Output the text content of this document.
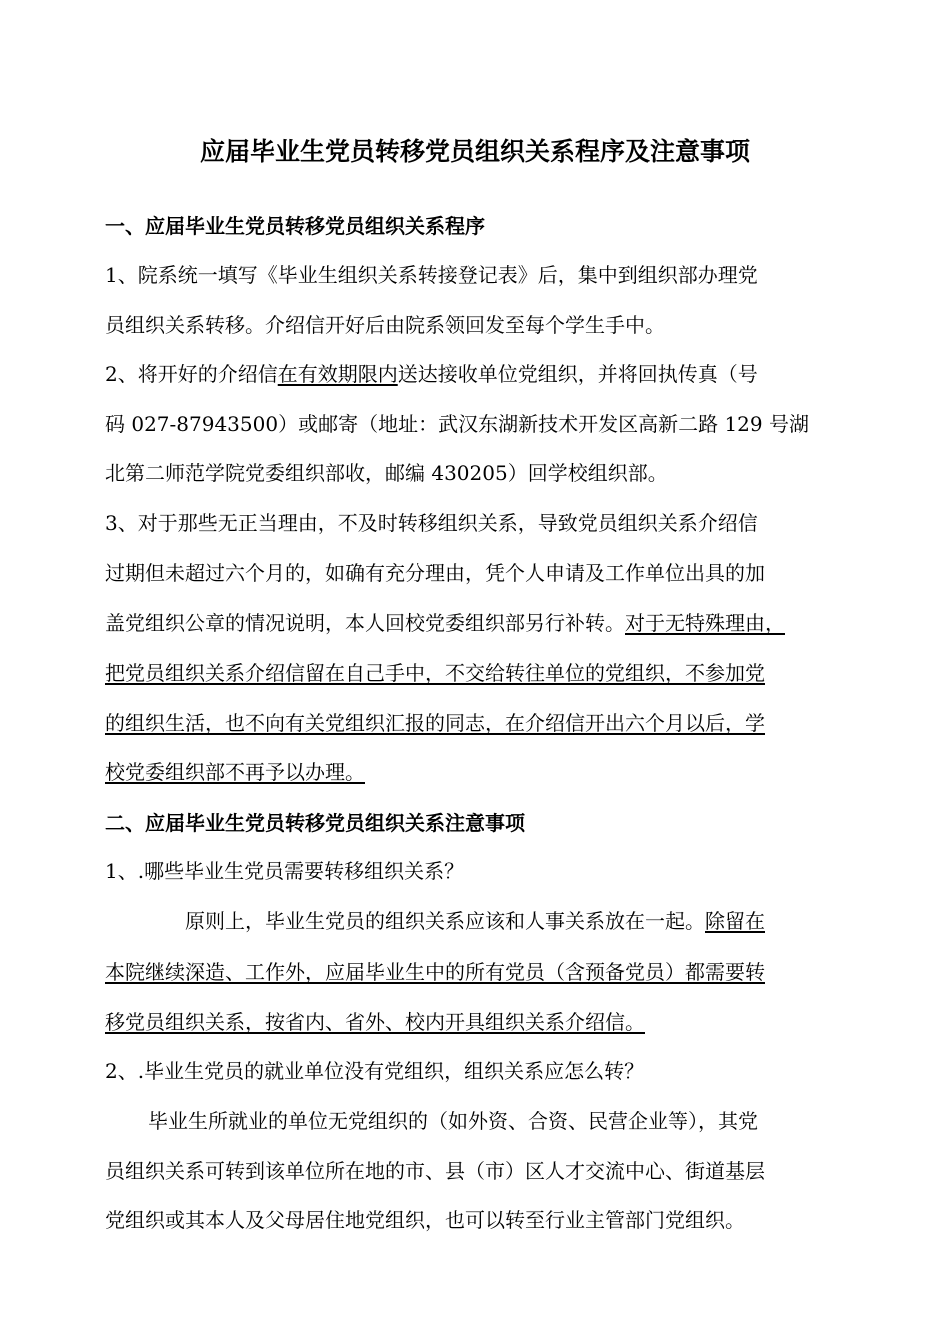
应届毕业生党员转移党员组织关系程序及注意事项
一、应届毕业生党员转移党员组织关系程序
1、院系统一填写《毕业生组织关系转接登记表》后，集中到组织部办理党
员组织关系转移。介绍信开好后由院系领回发至每个学生手中。
2、将开好的介绍信在有效期限内送达接收单位党组织，并将回执传真（号
码 027-87943500）或邮寄（地址：武汉东湖新技术开发区高新二路 129 号湖
北第二师范学院党委组织部收，邮编 430205）回学校组织部。
3、对于那些无正当理由，不及时转移组织关系，导致党员组织关系介绍信
过期但未超过六个月的，如确有充分理由，凭个人申请及工作单位出具的加
盖党组织公章的情况说明，本人回校党委组织部另行补转。对于无特殊理由，
把党员组织关系介绍信留在自己手中，不交给转往单位的党组织，不参加党
的组织生活，也不向有关党组织汇报的同志，在介绍信开出六个月以后，学
校党委组织部不再予以办理。
二、应届毕业生党员转移党员组织关系注意事项
1、.哪些毕业生党员需要转移组织关系？
原则上，毕业生党员的组织关系应该和人事关系放在一起。除留在
本院继续深造、工作外，应届毕业生中的所有党员（含预备党员）都需要转
移党员组织关系，按省内、省外、校内开具组织关系介绍信。
2、.毕业生党员的就业单位没有党组织，组织关系应怎么转？
毕业生所就业的单位无党组织的（如外资、合资、民营企业等），其党
员组织关系可转到该单位所在地的市、县（市）区人才交流中心、街道基层
党组织或其本人及父母居住地党组织，也可以转至行业主管部门党组织。
